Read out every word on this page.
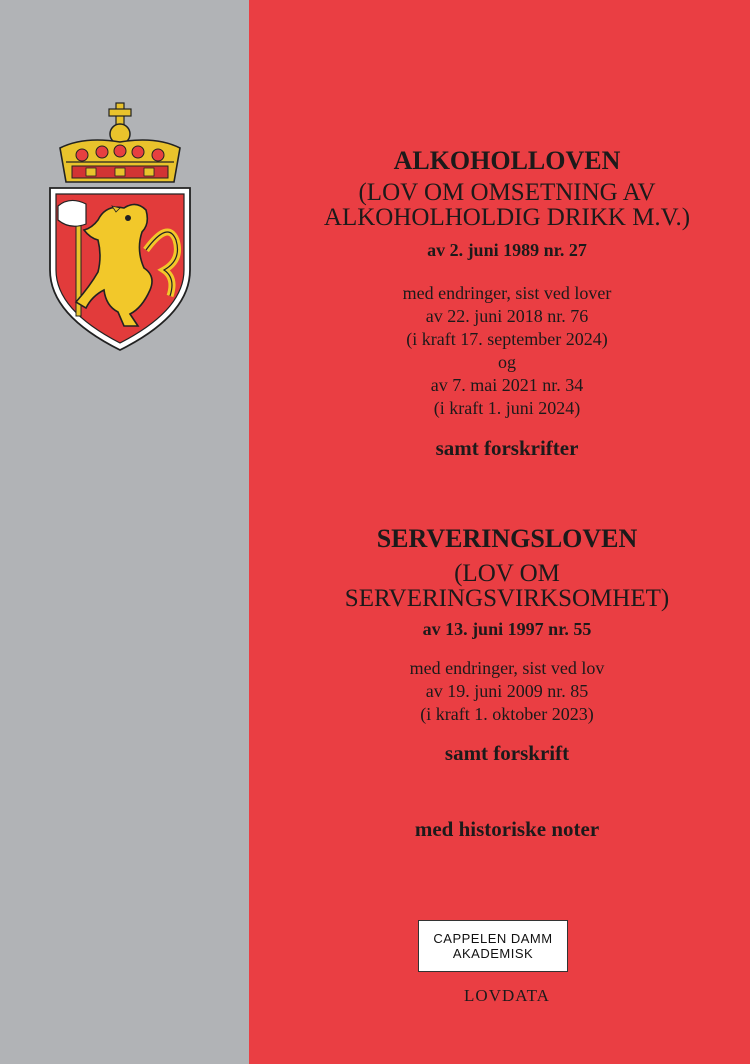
ALKOHOLLOVEN
(LOV OM OMSETNING AV
ALKOHOLHOLDIG DRIKK M.V.)
av 2. juni 1989 nr. 27
med endringer, sist ved lover
av 22. juni 2018 nr. 76
(i kraft 17. september 2024)
og
av 7. mai 2021 nr. 34
(i kraft 1. juni 2024)
samt forskrifter
SERVERINGSLOVEN
(LOV OM
SERVERINGSVIRKSOMHET)
av 13. juni 1997 nr. 55
med endringer, sist ved lov
av 19. juni 2009 nr. 85
(i kraft 1. oktober 2023)
samt forskrift
med historiske noter
CAPPELEN DAMM
AKADEMISK
LOVDATA
